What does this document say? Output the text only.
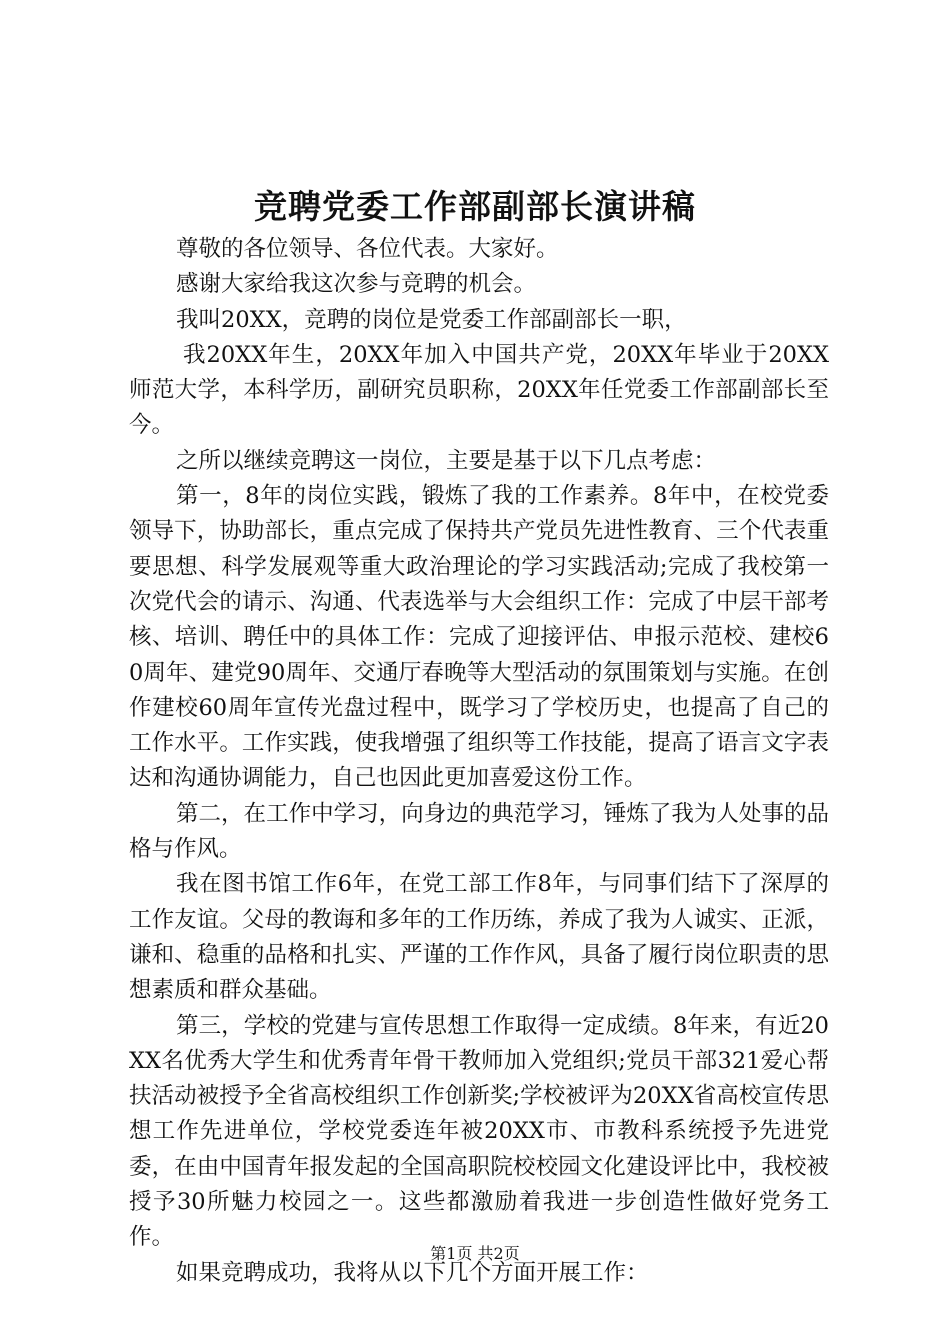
竞聘党委工作部副部长演讲稿

尊敬的各位领导、各位代表。大家好。

感谢大家给我这次参与竞聘的机会。

我叫20XX，竞聘的岗位是党委工作部副部长一职，

我20XX年生，20XX年加入中国共产党，20XX年毕业于20XX师范大学，本科学历，副研究员职称，20XX年任党委工作部副部长至今。

之所以继续竞聘这一岗位，主要是基于以下几点考虑：

第一，8年的岗位实践，锻炼了我的工作素养。8年中，在校党委领导下，协助部长，重点完成了保持共产党员先进性教育、三个代表重要思想、科学发展观等重大政治理论的学习实践活动;完成了我校第一次党代会的请示、沟通、代表选举与大会组织工作：完成了中层干部考核、培训、聘任中的具体工作：完成了迎接评估、申报示范校、建校60周年、建党90周年、交通厅春晚等大型活动的氛围策划与实施。在创作建校60周年宣传光盘过程中，既学习了学校历史，也提高了自己的工作水平。工作实践，使我增强了组织等工作技能，提高了语言文字表达和沟通协调能力，自己也因此更加喜爱这份工作。

第二，在工作中学习，向身边的典范学习，锤炼了我为人处事的品格与作风。

我在图书馆工作6年，在党工部工作8年，与同事们结下了深厚的工作友谊。父母的教诲和多年的工作历练，养成了我为人诚实、正派，谦和、稳重的品格和扎实、严谨的工作作风，具备了履行岗位职责的思想素质和群众基础。

第三，学校的党建与宣传思想工作取得一定成绩。8年来，有近20XX名优秀大学生和优秀青年骨干教师加入党组织;党员干部321爱心帮扶活动被授予全省高校组织工作创新奖;学校被评为20XX省高校宣传思想工作先进单位，学校党委连年被20XX市、市教科系统授予先进党委，在由中国青年报发起的全国高职院校校园文化建设评比中，我校被授予30所魅力校园之一。这些都激励着我进一步创造性做好党务工作。

如果竞聘成功，我将从以下几个方面开展工作：

第1页 共2页
